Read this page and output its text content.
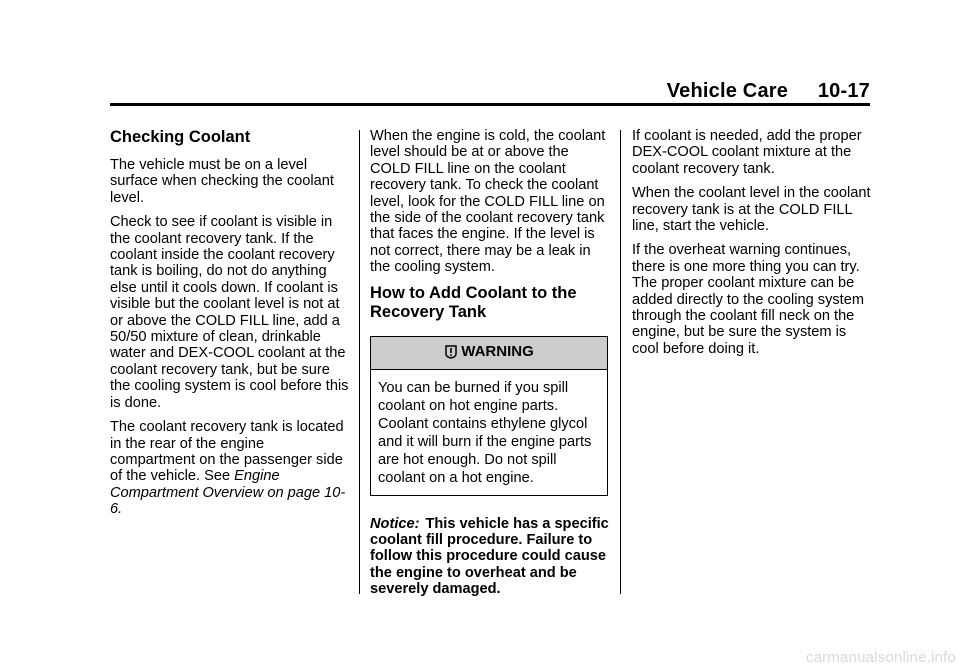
Vehicle Care 10-17
Checking Coolant

The vehicle must be on a level surface when checking the coolant level.

Check to see if coolant is visible in the coolant recovery tank. If the coolant inside the coolant recovery tank is boiling, do not do anything else until it cools down. If coolant is visible but the coolant level is not at or above the COLD FILL line, add a 50/50 mixture of clean, drinkable water and DEX-COOL coolant at the coolant recovery tank, but be sure the cooling system is cool before this is done.

The coolant recovery tank is located in the rear of the engine compartment on the passenger side of the vehicle. See Engine Compartment Overview on page 10-6.

When the engine is cold, the coolant level should be at or above the COLD FILL line on the coolant recovery tank. To check the coolant level, look for the COLD FILL line on the side of the coolant recovery tank that faces the engine. If the level is not correct, there may be a leak in the cooling system.

How to Add Coolant to the Recovery Tank
WARNING
You can be burned if you spill coolant on hot engine parts. Coolant contains ethylene glycol and it will burn if the engine parts are hot enough. Do not spill coolant on a hot engine.

Notice: This vehicle has a specific coolant fill procedure. Failure to follow this procedure could cause the engine to overheat and be severely damaged.

If coolant is needed, add the proper DEX-COOL coolant mixture at the coolant recovery tank.

When the coolant level in the coolant recovery tank is at the COLD FILL line, start the vehicle.

If the overheat warning continues, there is one more thing you can try. The proper coolant mixture can be added directly to the cooling system through the coolant fill neck on the engine, but be sure the system is cool before doing it.

carmanualsonline.info
